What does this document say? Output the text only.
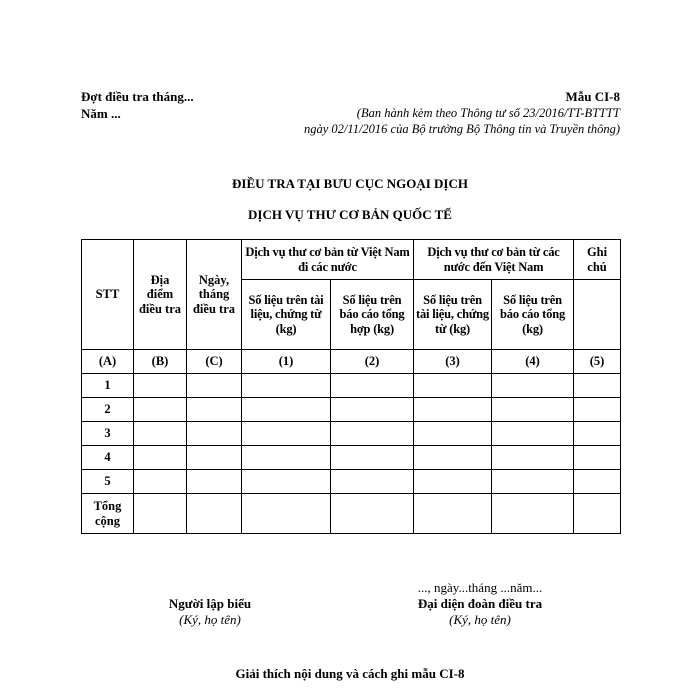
Đợt điều tra tháng...
Năm ...
Mẫu CI-8
(Ban hành kèm theo Thông tư số 23/2016/TT-BTTTT
ngày 02/11/2016 của Bộ trưởng Bộ Thông tin và Truyền thông)
ĐIỀU TRA TẠI BƯU CỤC NGOẠI DỊCH
DỊCH VỤ THƯ CƠ BẢN QUỐC TẾ
STT	Địa điểm điều tra	Ngày, tháng điều tra	Dịch vụ thư cơ bản từ Việt Nam đi các nước		Dịch vụ thư cơ bản từ các nước đến Việt Nam		Ghi chú
			Số liệu trên tài liệu, chứng từ (kg)	Số liệu trên báo cáo tổng hợp (kg)	Số liệu trên tài liệu, chứng từ (kg)	Số liệu trên báo cáo tổng (kg)	
(A)	(B)	(C)	(1)	(2)	(3)	(4)	(5)
1							
2							
3							
4							
5							
Tổng cộng							
..., ngày...tháng ...năm...
Người lập biểu
(Ký, họ tên)
Đại diện đoàn điều tra
(Ký, họ tên)
Giải thích nội dung và cách ghi mẫu CI-8
